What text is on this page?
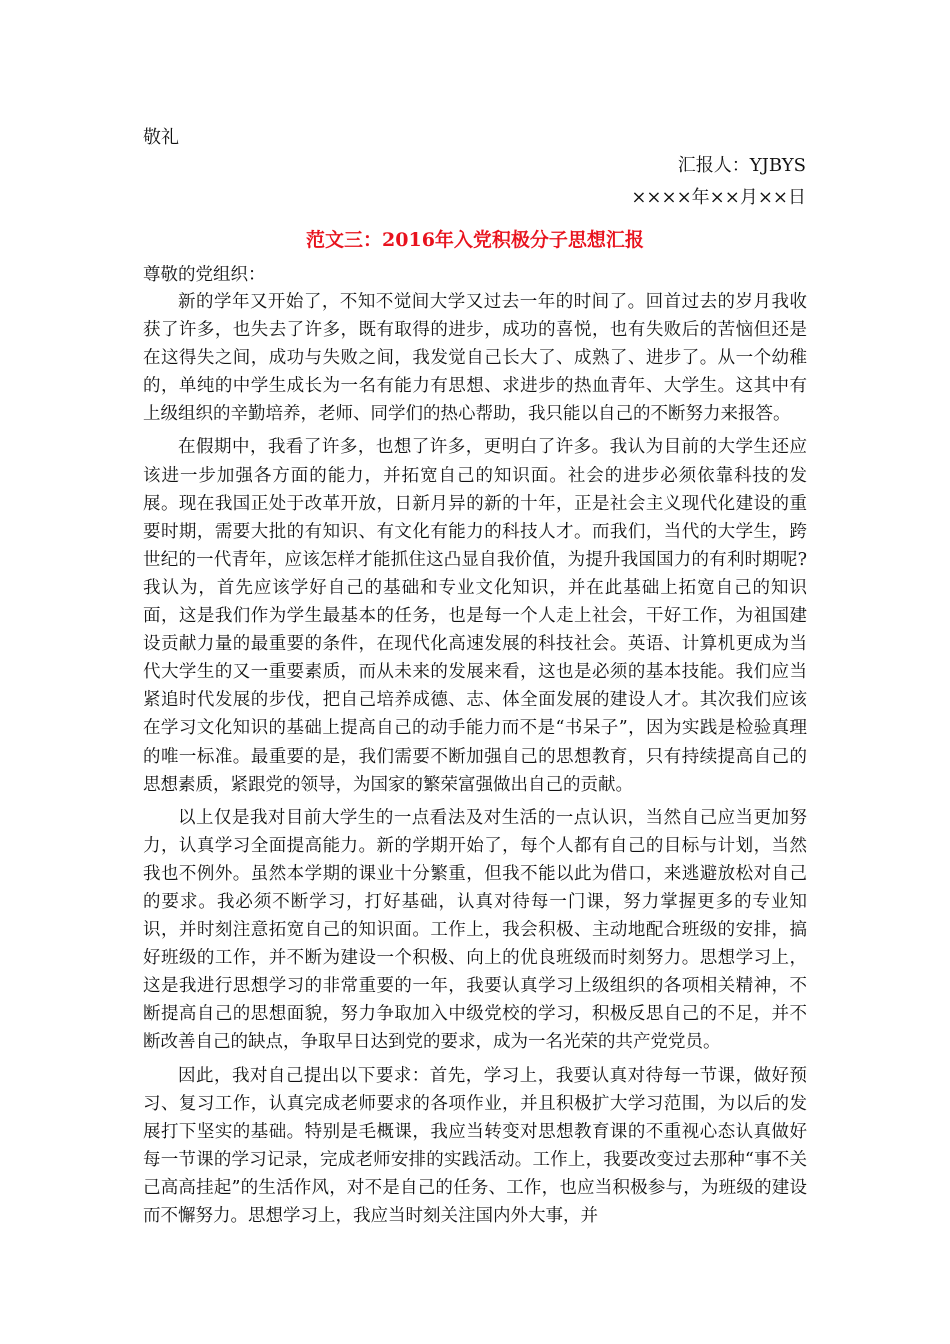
敬礼
汇报人：YJBYS
××××年××月××日
范文三：2016年入党积极分子思想汇报
尊敬的党组织：

新的学年又开始了，不知不觉间大学又过去一年的时间了。回首过去的岁月我收获了许多，也失去了许多，既有取得的进步，成功的喜悦，也有失败后的苦恼但还是在这得失之间，成功与失败之间，我发觉自己长大了、成熟了、进步了。从一个幼稚的，单纯的中学生成长为一名有能力有思想、求进步的热血青年、大学生。这其中有上级组织的辛勤培养，老师、同学们的热心帮助，我只能以自己的不断努力来报答。

在假期中，我看了许多，也想了许多，更明白了许多。我认为目前的大学生还应该进一步加强各方面的能力，并拓宽自己的知识面。社会的进步必须依靠科技的发展。现在我国正处于改革开放，日新月异的新的十年，正是社会主义现代化建设的重要时期，需要大批的有知识、有文化有能力的科技人才。而我们，当代的大学生，跨世纪的一代青年，应该怎样才能抓住这凸显自我价值，为提升我国国力的有利时期呢?我认为，首先应该学好自己的基础和专业文化知识，并在此基础上拓宽自己的知识面，这是我们作为学生最基本的任务，也是每一个人走上社会，干好工作，为祖国建设贡献力量的最重要的条件，在现代化高速发展的科技社会。英语、计算机更成为当代大学生的又一重要素质，而从未来的发展来看，这也是必须的基本技能。我们应当紧追时代发展的步伐，把自己培养成德、志、体全面发展的建设人才。其次我们应该在学习文化知识的基础上提高自己的动手能力而不是“书呆子”，因为实践是检验真理的唯一标准。最重要的是，我们需要不断加强自己的思想教育，只有持续提高自己的思想素质，紧跟党的领导，为国家的繁荣富强做出自己的贡献。

以上仅是我对目前大学生的一点看法及对生活的一点认识，当然自己应当更加努力，认真学习全面提高能力。新的学期开始了，每个人都有自己的目标与计划，当然我也不例外。虽然本学期的课业十分繁重，但我不能以此为借口，来逃避放松对自己的要求。我必须不断学习，打好基础，认真对待每一门课，努力掌握更多的专业知识，并时刻注意拓宽自己的知识面。工作上，我会积极、主动地配合班级的安排，搞好班级的工作，并不断为建设一个积极、向上的优良班级而时刻努力。思想学习上，这是我进行思想学习的非常重要的一年，我要认真学习上级组织的各项相关精神，不断提高自己的思想面貌，努力争取加入中级党校的学习，积极反思自己的不足，并不断改善自己的缺点，争取早日达到党的要求，成为一名光荣的共产党党员。

因此，我对自己提出以下要求：首先，学习上，我要认真对待每一节课，做好预习、复习工作，认真完成老师要求的各项作业，并且积极扩大学习范围，为以后的发展打下坚实的基础。特别是毛概课，我应当转变对思想教育课的不重视心态认真做好每一节课的学习记录，完成老师安排的实践活动。工作上，我要改变过去那种“事不关己高高挂起”的生活作风，对不是自己的任务、工作，也应当积极参与，为班级的建设而不懈努力。思想学习上，我应当时刻关注国内外大事，并
